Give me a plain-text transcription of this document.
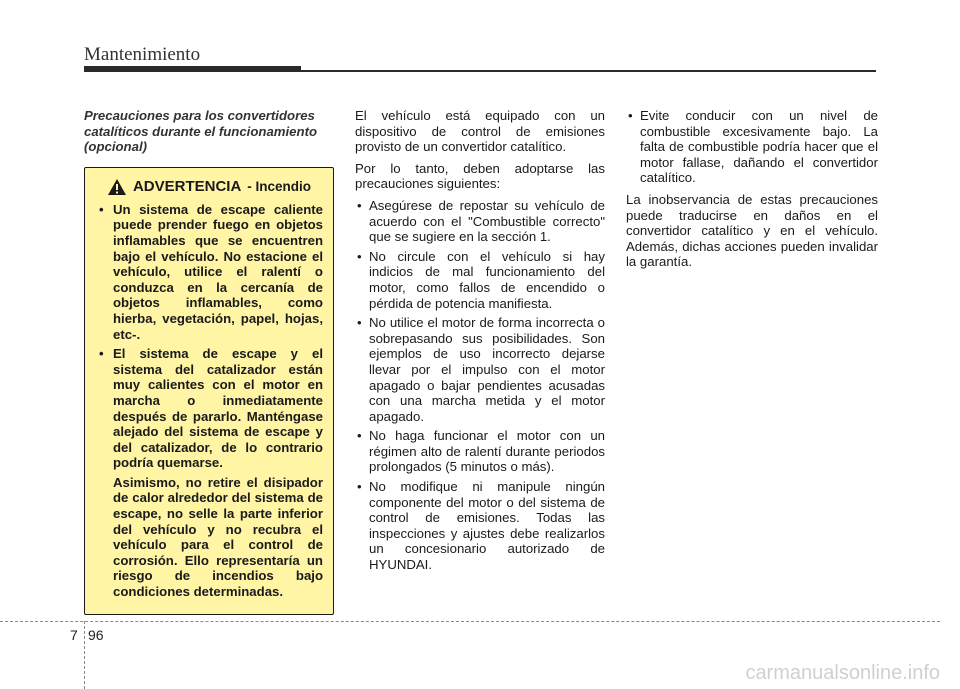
Mantenimiento

Precauciones para los convertidores catalíticos durante el funcionamiento (opcional)

ADVERTENCIA - Incendio
• Un sistema de escape caliente puede prender fuego en objetos inflamables que se encuentren bajo el vehículo. No estacione el vehículo, utilice el ralentí o conduzca en la cercanía de objetos inflamables, como hierba, vegetación, papel, hojas, etc-.
• El sistema de escape y el sistema del catalizador están muy calientes con el motor en marcha o inmediatamente después de pararlo. Manténgase alejado del sistema de escape y del catalizador, de lo contrario podría quemarse.
Asimismo, no retire el disipador de calor alrededor del sistema de escape, no selle la parte inferior del vehículo y no recubra el vehículo para el control de corrosión. Ello representaría un riesgo de incendios bajo condiciones determinadas.

El vehículo está equipado con un dispositivo de control de emisiones provisto de un convertidor catalítico.

Por lo tanto, deben adoptarse las precauciones siguientes:

• Asegúrese de repostar su vehículo de acuerdo con el "Combustible correcto" que se sugiere en la sección 1.
• No circule con el vehículo si hay indicios de mal funcionamiento del motor, como fallos de encendido o pérdida de potencia manifiesta.
• No utilice el motor de forma incorrecta o sobrepasando sus posibilidades. Son ejemplos de uso incorrecto dejarse llevar por el impulso con el motor apagado o bajar pendientes acusadas con una marcha metida y el motor apagado.
• No haga funcionar el motor con un régimen alto de ralentí durante periodos prolongados (5 minutos o más).
• No modifique ni manipule ningún componente del motor o del sistema de control de emisiones. Todas las inspecciones y ajustes debe realizarlos un concesionario autorizado de HYUNDAI.
• Evite conducir con un nivel de combustible excesivamente bajo. La falta de combustible podría hacer que el motor fallase, dañando el convertidor catalítico.

La inobservancia de estas precauciones puede traducirse en daños en el convertidor catalítico y en el vehículo. Además, dichas acciones pueden invalidar la garantía.

7 96
carmanualsonline.info
